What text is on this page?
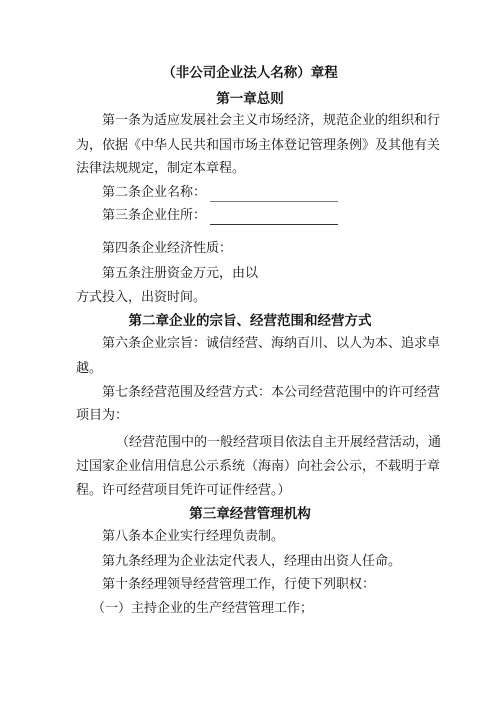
（非公司企业法人名称）章程
第一章总则
第一条为适应发展社会主义市场经济，规范企业的组织和行
为，依据《中华人民共和国市场主体登记管理条例》及其他有关
法律法规规定，制定本章程。
第二条企业名称：
第三条企业住所：
第四条企业经济性质：
第五条注册资金万元，由以
方式投入，出资时间。
第二章企业的宗旨、经营范围和经营方式
第六条企业宗旨：诚信经营、海纳百川、以人为本、追求卓
越。
第七条经营范围及经营方式：本公司经营范围中的许可经营
项目为：
（经营范围中的一般经营项目依法自主开展经营活动，通
过国家企业信用信息公示系统（海南）向社会公示，不载明于章
程。许可经营项目凭许可证件经营。）
第三章经营管理机构
第八条本企业实行经理负责制。
第九条经理为企业法定代表人，经理由出资人任命。
第十条经理领导经营管理工作，行使下列职权：
（一）主持企业的生产经营管理工作；
